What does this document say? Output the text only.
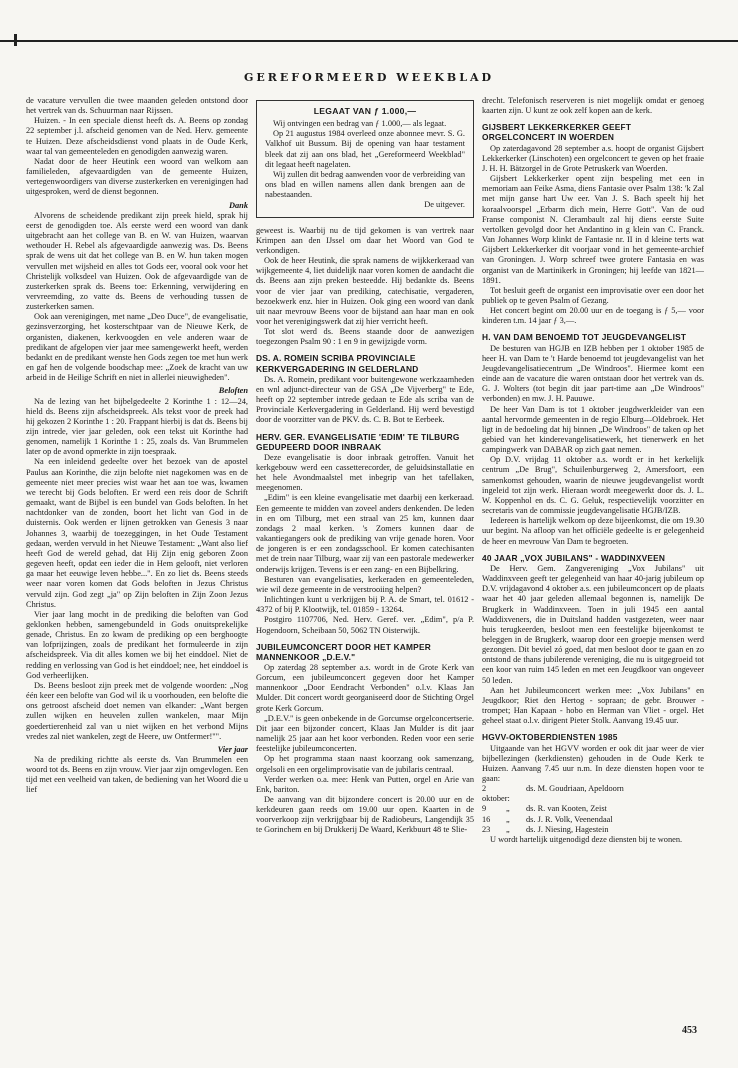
GEREFORMEERD WEEKBLAD

de vacature vervullen die twee maanden geleden ontstond door het vertrek van ds. Schuurman naar Rijssen.

Huizen. - In een speciale dienst heeft ds. A. Beens op zondag 22 september j.l. afscheid genomen van de Ned. Herv. gemeente te Huizen. Deze afscheidsdienst vond plaats in de Oude Kerk, waar tal van gemeenteleden en genodigden aanwezig waren.

Nadat door de heer Heutink een woord van welkom aan familieleden, afgevaardigden van de gemeente Huizen, vertegenwoordigers van diverse zusterkerken en verenigingen had uitgesproken, werd de dienst begonnen.

Dank

Alvorens de scheidende predikant zijn preek hield, sprak hij eerst de genodigden toe. Als eerste werd een woord van dank uitgebracht aan het college van B. en W. van Huizen, waarvan wethouder H. Rebel als afgevaardigde aanwezig was. Ds. Beens sprak de wens uit dat het college van B. en W. hun taken mogen vervullen met wijsheid en alles tot Gods eer, vooral ook voor het Christelijk volksdeel van Huizen. Ook de afgevaardigde van de zusterkerken sprak ds. Beens toe: Erkenning, verwijdering en vervreemding, zo vatte ds. Beens de verhouding tussen de zusterkerken samen.

Ook aan verenigingen, met name „Deo Duce", de evangelisatie, gezinsverzorging, het kosterschtpaar van de Nieuwe Kerk, de organisten, diakenen, kerkvoogden en vele anderen waar de predikant de afgelopen vier jaar mee samengewerkt heeft, werden bedankt en de predikant wenste hen Gods zegen toe met hun werk en gaf hen de volgende boodschap mee: „Zoek de kracht van uw arbeid in de Heilige Schrift en niet in allerlei nieuwigheden".

Beloften

Na de lezing van het bijbelgedeelte 2 Korinthe 1 : 12—24, hield ds. Beens zijn afscheidspreek. Als tekst voor de preek had hij gekozen 2 Korinthe 1 : 20. Frappant hierbij is dat ds. Beens bij zijn intrede, vier jaar geleden, ook een tekst uit Korinthe had genomen, namelijk 1 Korinthe 1 : 25, zoals ds. Van Brummelen later op de avond opmerkte in zijn toespraak.

Na een inleidend gedeelte over het bezoek van de apostel Paulus aan Korinthe, die zijn belofte niet nagekomen was en de gemeente niet meer precies wist waar het aan toe was, kwamen we terecht bij Gods beloften. Er werd een reis door de Schrift gemaakt, want de Bijbel is een bundel van Gods beloften. In het nachtdonker van de zonden, boort het licht van God in de duisternis. Ook werden er lijnen getrokken van Genesis 3 naar Johannes 3, waarbij de toezeggingen, in het Oude Testament gedaan, werden vervuld in het Nieuwe Testament: „Want also lief heeft God de wereld gehad, dat Hij Zijn enig geboren Zoon gegeven heeft, opdat een ieder die in Hem gelooft, niet verloren ga maar het eeuwige leven hebbe...". En zo liet ds. Beens steeds weer naar voren komen dat Gods beloften in Jezus Christus vervuld zijn. God zegt „ja" op Zijn beloften in Zijn Zoon Jezus Christus.

Vier jaar lang mocht in de prediking die beloften van God geklonken hebben, samengebundeld in Gods onuitsprekelijke genade, Christus. En zo kwam de prediking op een berghoogte van lofprijzingen, zoals de predikant het formuleerde in zijn afscheidspreek. Via dit alles komen we bij het einddoel. Niet de redding en verlossing van God is het einddoel; nee, het einddoel is God verheerlijken.

Ds. Beens besloot zijn preek met de volgende woorden: „Nog één keer een belofte van God wil ik u voorhouden, een belofte die ons getroost afscheid doet nemen van elkander: „Want bergen zullen wijken en heuvelen zullen wankelen, maar Mijn goedertierenheid zal van u niet wijken en het verbond Mijns vredes zal niet wankelen, zegt de Heere, uw Ontfermer!"".

Vier jaar

Na de prediking richtte als eerste ds. Van Brummelen een woord tot ds. Beens en zijn vrouw. Vier jaar zijn omgevlogen. Een tijd met een veelheid van taken, de bediening van het Woord die u lief

LEGAAT VAN ƒ 1.000,—

Wij ontvingen een bedrag van ƒ 1.000,— als legaat.

Op 21 augustus 1984 overleed onze abonnee mevr. S. G. Valkhof uit Bussum. Bij de opening van haar testament bleek dat zij aan ons blad, het „Gereformeerd Weekblad" dit legaat heeft nagelaten.

Wij zullen dit bedrag aanwenden voor de verbreiding van ons blad en willen namens allen dank brengen aan de nabestaanden.

De uitgever.

geweest is. Waarbij nu de tijd gekomen is van vertrek naar Krimpen aan den IJssel om daar het Woord van God te verkondigen.

Ook de heer Heutink, die sprak namens de wijkkerkeraad van wijkgemeente 4, liet duidelijk naar voren komen de aandacht die ds. Beens aan zijn preken besteedde. Hij bedankte ds. Beens voor de vier jaar van prediking, catechisatie, vergaderen, bezoekwerk enz. hier in Huizen. Ook ging een woord van dank uit naar mevrouw Beens voor de bijstand aan haar man en ook voor het verenigingswerk dat zij hier verricht heeft.

Tot slot werd ds. Beens staande door de aanwezigen toegezongen Psalm 90 : 1 en 9 in gewijzigde vorm.

DS. A. ROMEIN SCRIBA PROVINCIALE KERKVERGADERING IN GELDERLAND

Ds. A. Romein, predikant voor buitengewone werkzaamheden en wnl adjunct-directeur van de GSA „De Vijverberg" te Ede, heeft op 22 september intrede gedaan te Ede als scriba van de Provinciale Kerkvergadering in Gelderland. Hij werd bevestigd door de voorzitter van de PKV. ds. C. B. Bot te Eerbeek.

HERV. GER. EVANGELISATIE 'EDIM' TE TILBURG GEDUPEERD DOOR INBRAAK

Deze evangelisatie is door inbraak getroffen. Vanuit het kerkgebouw werd een cassetterecorder, de geluidsinstallatie en het hele Avondmaalstel met inbegrip van het tafellaken, meegenomen.

„Edim" is een kleine evangelisatie met daarbij een kerkeraad. Een gemeente te midden van zoveel anders denkenden. De leden in en om Tilburg, met een straal van 25 km, kunnen daar zondags 2 maal kerken. 's Zomers kunnen daar de vakantiegangers ook de prediking van vrije genade horen. Voor de jongeren is er een zondagsschool. Er komen catechisanten met de trein naar Tilburg, waar zij van een pastorale medewerker onderwijs krijgen. Tevens is er een zang- en een Bijbelkring.

Besturen van evangelisaties, kerkeraden en gemeenteleden, wie wil deze gemeente in de verstrooiing helpen?

Inlichtingen kunt u verkrijgen bij P. A. de Smart, tel. 01612 - 4372 of bij P. Klootwijk, tel. 01859 - 13264.

Postgiro 1107706, Ned. Herv. Geref. ver. „Edim", p/a P. Hogendoorn, Scheibaan 50, 5062 TN Oisterwijk.

JUBILEUMCONCERT DOOR HET KAMPER MANNENKOOR „D.E.V."

Op zaterdag 28 september a.s. wordt in de Grote Kerk van Gorcum, een jubileumconcert gegeven door het Kamper mannenkoor „Door Eendracht Verbonden" o.l.v. Klaas Jan Mulder. Dit concert wordt georganiseerd door de Stichting Orgel grote Kerk Gorcum.

„D.E.V." is geen onbekende in de Gorcumse orgelconcertserie. Dit jaar een bijzonder concert, Klaas Jan Mulder is dit jaar namelijk 25 jaar aan het koor verbonden. Reden voor een serie feestelijke jubileumconcerten.

Op het programma staan naast koorzang ook samenzang, orgelsoli en een orgelimprovisatie van de jubilaris centraal.

Verder werken o.a. mee: Henk van Putten, orgel en Arie van Enk, bariton.

De aanvang van dit bijzondere concert is 20.00 uur en de kerkdeuren gaan reeds om 19.00 uur open. Kaarten in de voorverkoop zijn verkrijgbaar bij de Radiobeurs, Langendijk 35 te Gorinchem en bij Drukkerij De Waard, Kerkbuurt 48 te Slie-

drecht. Telefonisch reserveren is niet mogelijk omdat er genoeg kaarten zijn. U kunt ze ook zelf kopen aan de kerk.

GIJSBERT LEKKERKERKER GEEFT ORGELCONCERT IN WOERDEN

Op zaterdagavond 28 september a.s. hoopt de organist Gijsbert Lekkerkerker (Linschoten) een orgelconcert te geven op het fraaie J. H. H. Bätzorgel in de Grote Petruskerk van Woerden.

Gijsbert Lekkerkerker opent zijn bespeling met een in memoriam aan Feike Asma, diens Fantasie over Psalm 138: 'k Zal met mijn ganse hart Uw eer. Van J. S. Bach speelt hij het koraalvoorspel „Erbarm dich mein, Herre Gott". Van de oud Franse componist N. Clerambault zal hij diens eerste Suite vertolken gevolgd door het Andantino in g klein van C. Franck. Van Johannes Worp klinkt de Fantasie nr. II in d kleine terts wat Gijsbert Lekkerkerker dit voorjaar vond in het gemeente-archief van Groningen. J. Worp schreef twee grotere Fantasia en was organist van de Martinikerk in Groningen; hij leefde van 1821—1891.

Tot besluit geeft de organist een improvisatie over een door het publiek op te geven Psalm of Gezang.

Het concert begint om 20.00 uur en de toegang is ƒ 5,— voor kinderen t.m. 14 jaar ƒ 3,—.

H. VAN DAM BENOEMD TOT JEUGDEVANGELIST

De besturen van HGJB en IZB hebben per 1 oktober 1985 de heer H. van Dam te 't Harde benoemd tot jeugdevangelist van het Jeugdevangelisatiecentrum „De Windroos". Hiermee komt een einde aan de vacature die waren ontstaan door het vertrek van ds. G. J. Wolters (tot begin dit jaar part-time aan „De Windroos" verbonden) en mw. J. H. Pauuwe.

De heer Van Dam is tot 1 oktober jeugdwerkleider van een aantal hervormde gemeenten in de regio Elburg—Oldebroek. Het ligt in de bedoeling dat hij binnen „De Windroos" de taken op het gebied van het kinderevangelisatiewerk, het tienerwerk en het campingwerk van DABAR op zich gaat nemen.

Op D.V. vrijdag 11 oktober a.s. wordt er in het kerkelijk centrum „De Brug", Schuilenburgerweg 2, Amersfoort, een samenkomst gehouden, waarin de nieuwe jeugdevangelist wordt ingeleid tot zijn werk. Hieraan wordt meegewerkt door ds. J. L. W. Koppenhol en ds. C. G. Geluk, respectievelijk voorzitter en secretaris van de commissie jeugdevangelisatie HGJB/IZB.

Iedereen is hartelijk welkom op deze bijeenkomst, die om 19.30 uur begint. Na afloop van het officiële gedeelte is er gelegenheid de heer en mevrouw Van Dam te begroeten.

40 JAAR „VOX JUBILANS" - WADDINXVEEN

De Herv. Gem. Zangvereniging „Vox Jubilans" uit Waddinxveen geeft ter gelegenheid van haar 40-jarig jubileum op D.V. vrijdagavond 4 oktober a.s. een jubileumconcert op de plaats waar het 40 jaar geleden allemaal begonnen is, namelijk De Brugkerk in Waddinxveen. Toen in juli 1945 een aantal Waddixveners, die in Duitsland hadden vastgezeten, weer naar huis terugkeerden, besloot men een feestelijke bijeenkomst te beleggen in de Brugkerk, waarop door een groepje mensen werd gezongen. Dit beviel zó goed, dat men besloot door te gaan en zo ontstond de thans jubilerende vereniging, die nu is uitgegroeid tot een koor van ruim 145 leden en met een Jeugdkoor van ongeveer 50 leden.

Aan het Jubileumconcert werken mee: „Vox Jubilans" en Jeugdkoor; Riet den Hertog - sopraan; de gebr. Brouwer - trompet; Han Kapaan - hobo en Herman van Vliet - orgel. Het geheel staat o.l.v. dirigent Pieter Stolk. Aanvang 19.45 uur.

HGVV-OKTOBERDIENSTEN 1985

Uitgaande van het HGVV worden er ook dit jaar weer de vier bijbellezingen (kerkdiensten) gehouden in de Oude Kerk te Huizen. Aanvang 7.45 uur n.m. In deze diensten hopen voor te gaan:

2 oktober:
ds. M. Goudriaan, Apeldoorn
9	„	ds. R. van Kooten, Zeist
16	„	ds. J. R. Volk, Veenendaal
23	„	ds. J. Niesing, Hagestein

U wordt hartelijk uitgenodigd deze diensten bij te wonen.

453
